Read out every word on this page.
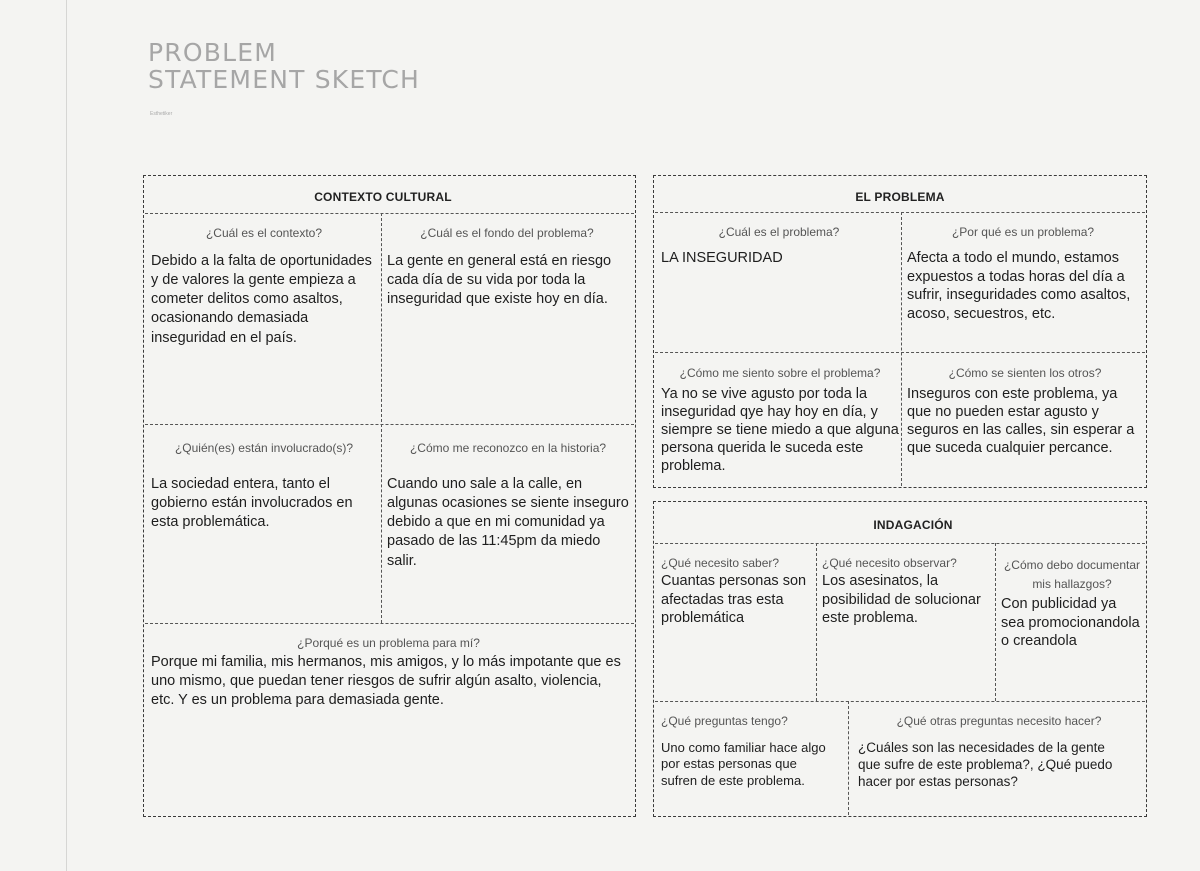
PROBLEM
STATEMENT SKETCH
Esthetiker
CONTEXTO CULTURAL
¿Cuál es el contexto?
Debido a la falta de oportunidades y de valores la gente empieza a cometer delitos como asaltos, ocasionando demasiada inseguridad en el país.
¿Cuál es el fondo del problema?
La gente en general está en riesgo cada día de su vida por toda la inseguridad que existe hoy en día.
¿Quién(es) están involucrado(s)?
La sociedad entera, tanto el gobierno están involucrados en esta problemática.
¿Cómo me reconozco en la historia?
Cuando uno sale a la calle, en algunas ocasiones se siente inseguro debido a que en mi comunidad ya pasado de las 11:45pm da miedo salir.
¿Porqué es un problema para mí?
Porque mi familia, mis hermanos, mis amigos, y lo más impotante que es uno mismo, que puedan tener riesgos de sufrir algún asalto, violencia, etc. Y es un problema para demasiada gente.
EL PROBLEMA
¿Cuál es el problema?
LA INSEGURIDAD
¿Por qué es un problema?
Afecta a todo el mundo, estamos expuestos a todas horas del día a sufrir, inseguridades como asaltos, acoso, secuestros, etc.
¿Cómo me siento sobre el problema?
Ya no se vive agusto por toda la inseguridad qye hay hoy en día, y siempre se tiene miedo a que alguna persona querida le suceda este problema.
¿Cómo se sienten los otros?
Inseguros con este problema, ya que no pueden estar agusto y seguros en las calles, sin esperar a que suceda cualquier percance.
INDAGACIÓN
¿Qué necesito saber?
Cuantas personas son afectadas tras esta problemática
¿Qué necesito observar?
Los asesinatos, la posibilidad de solucionar este problema.
¿Cómo debo documentar mis hallazgos?
Con publicidad ya sea promocionandola o creandola
¿Qué preguntas tengo?
Uno como familiar hace algo por estas personas que sufren de este problema.
¿Qué otras preguntas necesito hacer?
¿Cuáles son las necesidades de la gente que sufre de este problema?, ¿Qué puedo hacer por estas personas?
